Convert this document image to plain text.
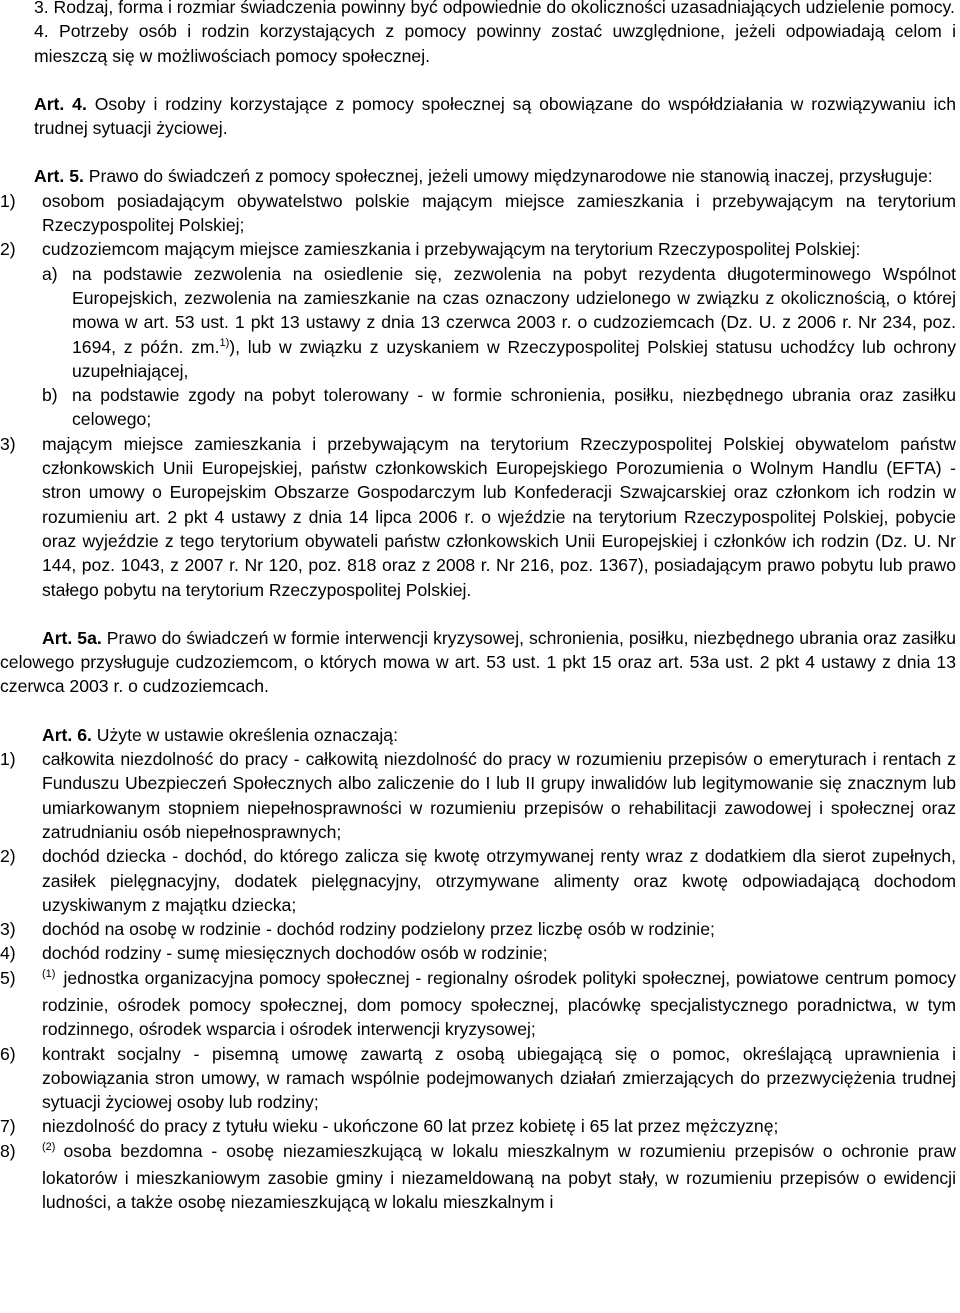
3. Rodzaj, forma i rozmiar świadczenia powinny być odpowiednie do okoliczności uzasadniających udzielenie pomocy.

4. Potrzeby osób i rodzin korzystających z pomocy powinny zostać uwzględnione, jeżeli odpowiadają celom i mieszczą się w możliwościach pomocy społecznej.

Art. 4. Osoby i rodziny korzystające z pomocy społecznej są obowiązane do współdziałania w rozwiązywaniu ich trudnej sytuacji życiowej.

Art. 5. Prawo do świadczeń z pomocy społecznej, jeżeli umowy międzynarodowe nie stanowią inaczej, przysługuje:

1)	osobom posiadającym obywatelstwo polskie mającym miejsce zamieszkania i przebywającym na terytorium Rzeczypospolitej Polskiej;
2)	cudzoziemcom mającym miejsce zamieszkania i przebywającym na terytorium Rzeczypospolitej Polskiej:
a) na podstawie zezwolenia na osiedlenie się, zezwolenia na pobyt rezydenta długoterminowego Wspólnot Europejskich, zezwolenia na zamieszkanie na czas oznaczony udzielonego w związku z okolicznością, o której mowa w art. 53 ust. 1 pkt 13 ustawy z dnia 13 czerwca 2003 r. o cudzoziemcach (Dz. U. z 2006 r. Nr 234, poz. 1694, z późn. zm.$^{1)}$), lub w związku z uzyskaniem w Rzeczypospolitej Polskiej statusu uchodźcy lub ochrony uzupełniającej,
b) na podstawie zgody na pobyt tolerowany - w formie schronienia, posiłku, niezbędnego ubrania oraz zasiłku celowego;
3)	mającym miejsce zamieszkania i przebywającym na terytorium Rzeczypospolitej Polskiej obywatelom państw członkowskich Unii Europejskiej, państw członkowskich Europejskiego Porozumienia o Wolnym Handlu (EFTA) - stron umowy o Europejskim Obszarze Gospodarczym lub Konfederacji Szwajcarskiej oraz członkom ich rodzin w rozumieniu art. 2 pkt 4 ustawy z dnia 14 lipca 2006 r. o wjeździe na terytorium Rzeczypospolitej Polskiej, pobycie oraz wyjeździe z tego terytorium obywateli państw członkowskich Unii Europejskiej i członków ich rodzin (Dz. U. Nr 144, poz. 1043, z 2007 r. Nr 120, poz. 818 oraz z 2008 r. Nr 216, poz. 1367), posiadającym prawo pobytu lub prawo stałego pobytu na terytorium Rzeczypospolitej Polskiej.

Art. 5a. Prawo do świadczeń w formie interwencji kryzysowej, schronienia, posiłku, niezbędnego ubrania oraz zasiłku celowego przysługuje cudzoziemcom, o których mowa w art. 53 ust. 1 pkt 15 oraz art. 53a ust. 2 pkt 4 ustawy z dnia 13 czerwca 2003 r. o cudzoziemcach.

Art. 6. Użyte w ustawie określenia oznaczają:

1)	całkowita niezdolność do pracy - całkowitą niezdolność do pracy w rozumieniu przepisów o emeryturach i rentach z Funduszu Ubezpieczeń Społecznych albo zaliczenie do I lub II grupy inwalidów lub legitymowanie się znacznym lub umiarkowanym stopniem niepełnosprawności w rozumieniu przepisów o rehabilitacji zawodowej i społecznej oraz zatrudnianiu osób niepełnosprawnych;
2)	dochód dziecka - dochód, do którego zalicza się kwotę otrzymywanej renty wraz z dodatkiem dla sierot zupełnych, zasiłek pielęgnacyjny, dodatek pielęgnacyjny, otrzymywane alimenty oraz kwotę odpowiadającą dochodom uzyskiwanym z majątku dziecka;
3)	dochód na osobę w rodzinie - dochód rodziny podzielony przez liczbę osób w rodzinie;
4)	dochód rodziny - sumę miesięcznych dochodów osób w rodzinie;
5)	$^{(1)}$ jednostka organizacyjna pomocy społecznej - regionalny ośrodek polityki społecznej, powiatowe centrum pomocy rodzinie, ośrodek pomocy społecznej, dom pomocy społecznej, placówkę specjalistycznego poradnictwa, w tym rodzinnego, ośrodek wsparcia i ośrodek interwencji kryzysowej;
6)	kontrakt socjalny - pisemną umowę zawartą z osobą ubiegającą się o pomoc, określającą uprawnienia i zobowiązania stron umowy, w ramach wspólnie podejmowanych działań zmierzających do przezwyciężenia trudnej sytuacji życiowej osoby lub rodziny;
7)	niezdolność do pracy z tytułu wieku - ukończone 60 lat przez kobietę i 65 lat przez mężczyznę;
8)	$^{(2)}$ osoba bezdomna - osobę niezamieszkującą w lokalu mieszkalnym w rozumieniu przepisów o ochronie praw lokatorów i mieszkaniowym zasobie gminy i niezameldowaną na pobyt stały, w rozumieniu przepisów o ewidencji ludności, a także osobę niezamieszkującą w lokalu mieszkalnym i
